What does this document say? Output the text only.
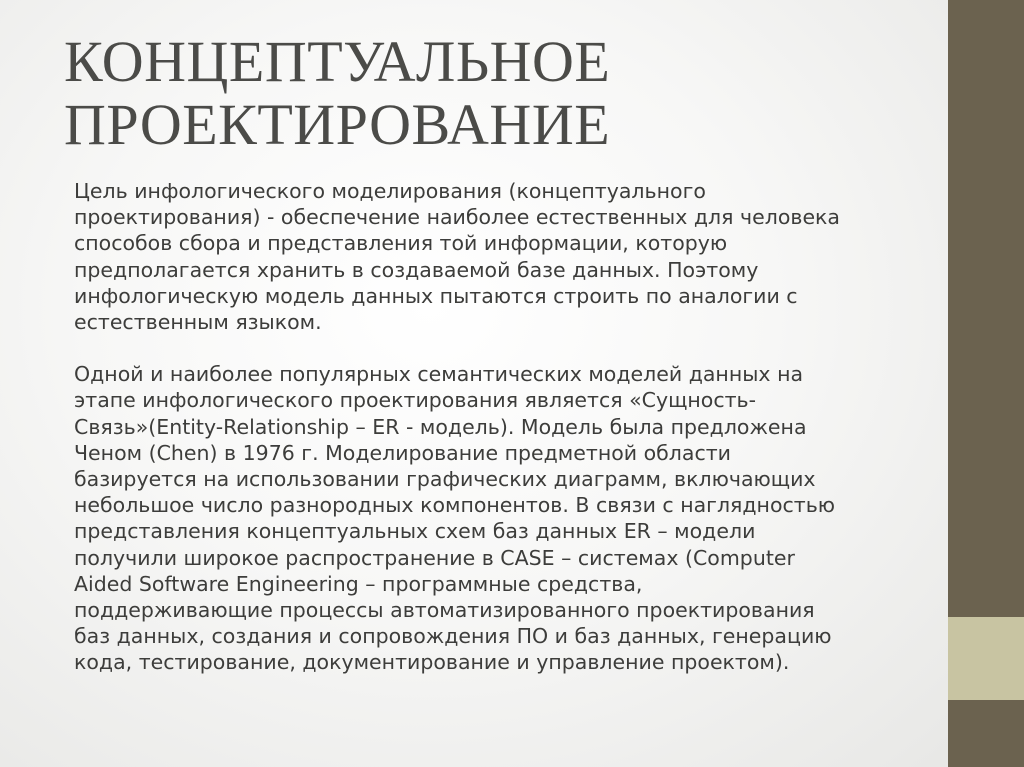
КОНЦЕПТУАЛЬНОЕ
ПРОЕКТИРОВАНИЕ

Цель инфологического моделирования (концептуального
проектирования) - обеспечение наиболее естественных для человека
способов сбора и представления той информации, которую
предполагается хранить в создаваемой базе данных. Поэтому
инфологическую модель данных пытаются строить по аналогии с
естественным языком.

Одной и наиболее популярных семантических моделей данных на
этапе инфологического проектирования является «Сущность-
Связь»(Entity-Relationship – ER - модель). Модель была предложена
Ченом (Chen) в 1976 г. Моделирование предметной области
базируется на использовании графических диаграмм, включающих
небольшое число разнородных компонентов. В связи с наглядностью
представления концептуальных схем баз данных ER – модели
получили широкое распространение в CASE – системах (Computer
Aided Software Engineering – программные средства,
поддерживающие процессы автоматизированного проектирования
баз данных, создания и сопровождения ПО и баз данных, генерацию
кода, тестирование, документирование и управление проектом).
